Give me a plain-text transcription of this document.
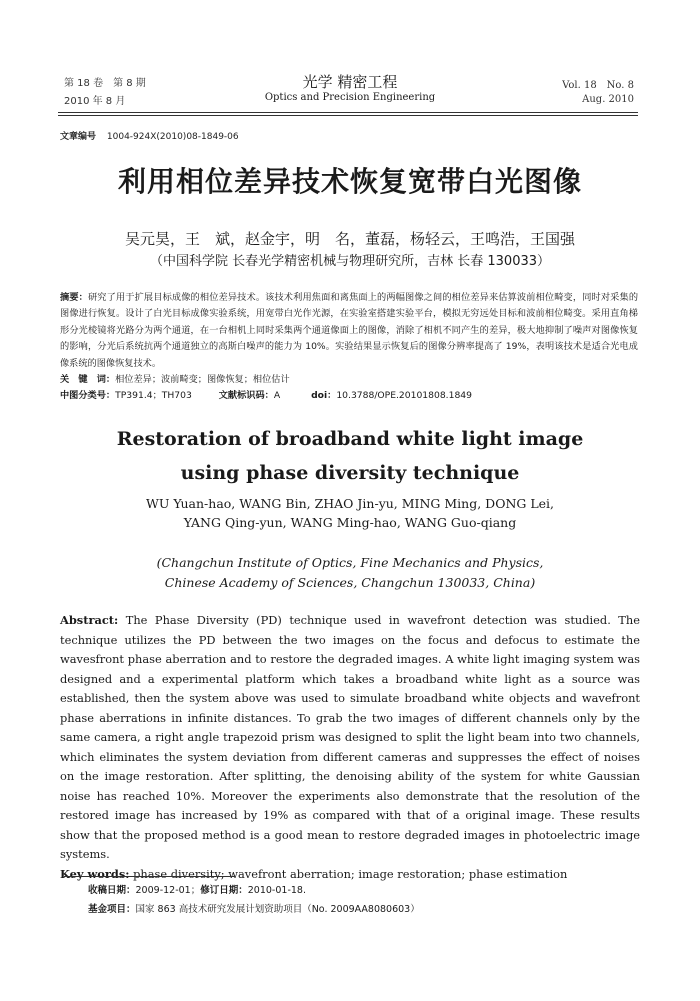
第 18 卷　第 8 期
2010 年 8 月
光学 精密工程
Optics and Precision Engineering
Vol. 18　No. 8
Aug. 2010
文章编号 1004-924X(2010)08-1849-06
利用相位差异技术恢复宽带白光图像
吴元昊，王　斌，赵金宇，明　名，董磊，杨轻云，王鸣浩，王国强
（中国科学院 长春光学精密机械与物理研究所，吉林 长春 130033）

摘要：研究了用于扩展目标成像的相位差异技术。该技术利用焦面和离焦面上的两幅图像之间的相位差异来估算波前相位畸变，同时对采集的图像进行恢复。设计了白光目标成像实验系统，用宽带白光作光源，在实验室搭建实验平台，模拟无穷远处目标和波前相位畸变。采用直角梯形分光棱镜将光路分为两个通道，在一台相机上同时采集两个通道像面上的图像，消除了相机不同产生的差异，极大地抑制了噪声对图像恢复的影响，分光后系统抗两个通道独立的高斯白噪声的能力为 10%。实验结果显示恢复后的图像分辨率提高了 19%，表明该技术是适合光电成像系统的图像恢复技术。

关　键　词：相位差异；波前畸变；图像恢复；相位估计

中图分类号：TP391.4；TH703	文献标识码：A	doi：10.3788/OPE.20101808.1849

Restoration of broadband white light image
using phase diversity technique
WU Yuan-hao, WANG Bin, ZHAO Jin-yu, MING Ming, DONG Lei,
YANG Qing-yun, WANG Ming-hao, WANG Guo-qiang
(Changchun Institute of Optics, Fine Mechanics and Physics,
Chinese Academy of Sciences, Changchun 130033, China)

Abstract: The Phase Diversity (PD) technique used in wavefront detection was studied. The technique utilizes the PD between the two images on the focus and defocus to estimate the wavesfront phase aberration and to restore the degraded images. A white light imaging system was designed and a experimental platform which takes a broadband white light as a source was established, then the system above was used to simulate broadband white objects and wavefront phase aberrations in infinite distances. To grab the two images of different channels only by the same camera, a right angle trapezoid prism was designed to split the light beam into two channels, which eliminates the system deviation from different cameras and suppresses the effect of noises on the image restoration. After splitting, the denoising ability of the system for white Gaussian noise has reached 10%. Moreover the experiments also demonstrate that the resolution of the restored image has increased by 19% as compared with that of a original image. These results show that the proposed method is a good mean to restore degraded images in photoelectric image systems.

Key words: phase diversity; wavefront aberration; image restoration; phase estimation

收稿日期：2009-12-01；修订日期：2010-01-18.
基金项目：国家 863 高技术研究发展计划资助项目（No. 2009AA8080603）
